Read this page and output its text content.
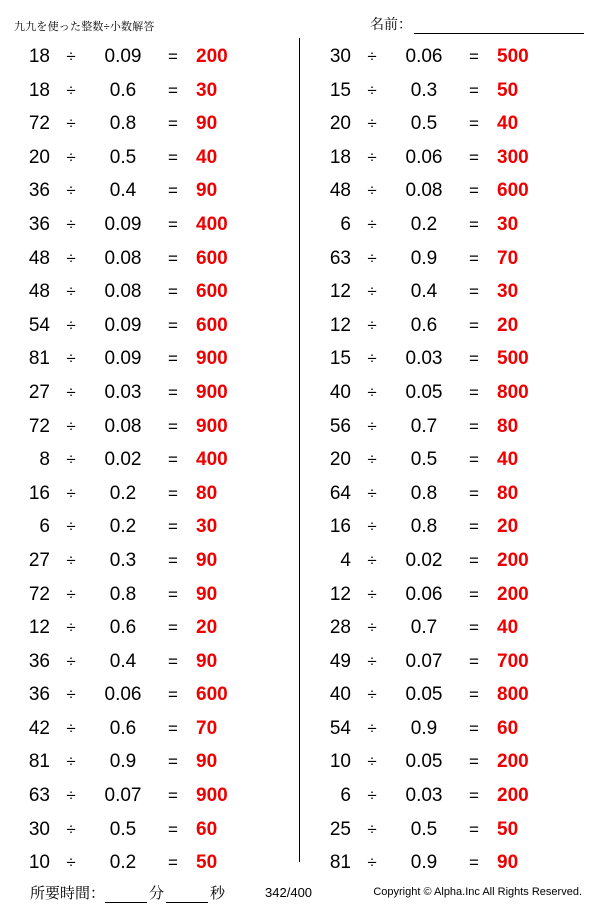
九九を使った整数÷小数解答	名前：
18 ÷	0.09	= 200
18 ÷	0.6	= 30
72 ÷	0.8	= 90
20 ÷	0.5	= 40
36 ÷	0.4	= 90
36 ÷	0.09	= 400
48 ÷	0.08	= 600
48 ÷	0.08	= 600
54 ÷	0.09	= 600
81 ÷	0.09	= 900
27 ÷	0.03	= 900
72 ÷	0.08	= 900
8 ÷	0.02	= 400
16 ÷	0.2	= 80
6 ÷	0.2	= 30
27 ÷	0.3	= 90
72 ÷	0.8	= 90
12 ÷	0.6	= 20
36 ÷	0.4	= 90
36 ÷	0.06	= 600
42 ÷	0.6	= 70
81 ÷	0.9	= 90
63 ÷	0.07	= 900
30 ÷	0.5	= 60
10 ÷	0.2	= 50
30 ÷	0.06	= 500
15 ÷	0.3	= 50
20 ÷	0.5	= 40
18 ÷	0.06	= 300
48 ÷	0.08	= 600
6 ÷	0.2	= 30
63 ÷	0.9	= 70
12 ÷	0.4	= 30
12 ÷	0.6	= 20
15 ÷	0.03	= 500
40 ÷	0.05	= 800
56 ÷	0.7	= 80
20 ÷	0.5	= 40
64 ÷	0.8	= 80
16 ÷	0.8	= 20
4 ÷	0.02	= 200
12 ÷	0.06	= 200
28 ÷	0.7	= 40
49 ÷	0.07	= 700
40 ÷	0.05	= 800
54 ÷	0.9	= 60
10 ÷	0.05	= 200
6 ÷	0.03	= 200
25 ÷	0.5	= 50
81 ÷	0.9	= 90
所要時間：	分	秒	342/400	Copyright © Alpha.Inc All Rights Reserved.
